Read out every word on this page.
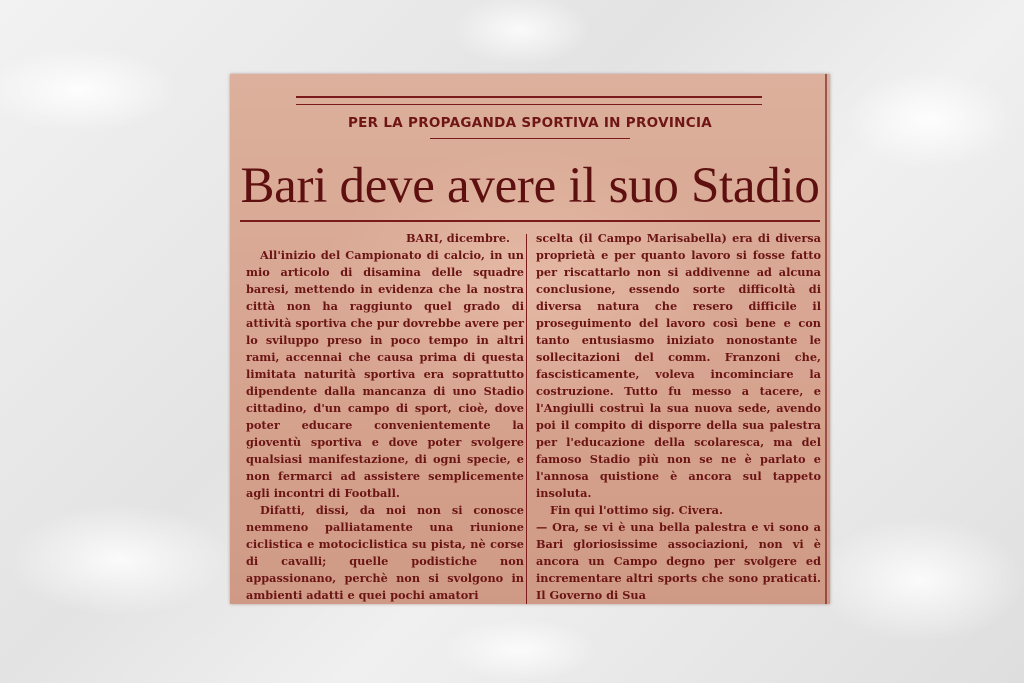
PER LA PROPAGANDA SPORTIVA IN PROVINCIA
Bari deve avere il suo Stadio

BARI, dicembre.

All'inizio del Campionato di calcio, in un mio articolo di disamina delle squadre baresi, mettendo in evidenza che la nostra città non ha raggiunto quel grado di attività sportiva che pur dovrebbe avere per lo sviluppo preso in poco tempo in altri rami, accennai che causa prima di questa limitata naturità sportiva era soprattutto dipendente dalla mancanza di uno Stadio cittadino, d'un campo di sport, cioè, dove poter educare convenientemente la gioventù sportiva e dove poter svolgere qualsiasi manifestazione, di ogni specie, e non fermarci ad assistere semplicemente agli incontri di Football.

Difatti, dissi, da noi non si conosce nemmeno palliatamente una riunione ciclistica e motociclistica su pista, nè corse di cavalli; quelle podistiche non appassionano, perchè non si svolgono in ambienti adatti e quei pochi amatori

scelta (il Campo Marisabella) era di diversa proprietà e per quanto lavoro si fosse fatto per riscattarlo non si addivenne ad alcuna conclusione, essendo sorte difficoltà di diversa natura che resero difficile il proseguimento del lavoro così bene e con tanto entusiasmo iniziato nonostante le sollecitazioni del comm. Franzoni che, fascisticamente, voleva incominciare la costruzione. Tutto fu messo a tacere, e l'Angiulli costruì la sua nuova sede, avendo poi il compito di disporre della sua palestra per l'educazione della scolaresca, ma del famoso Stadio più non se ne è parlato e l'annosa quistione è ancora sul tappeto insoluta.

Fin qui l'ottimo sig. Civera.

— Ora, se vi è una bella palestra e vi sono a Bari gloriosissime associazioni, non vi è ancora un Campo degno per svolgere ed incrementare altri sports che sono praticati. Il Governo di Sua
